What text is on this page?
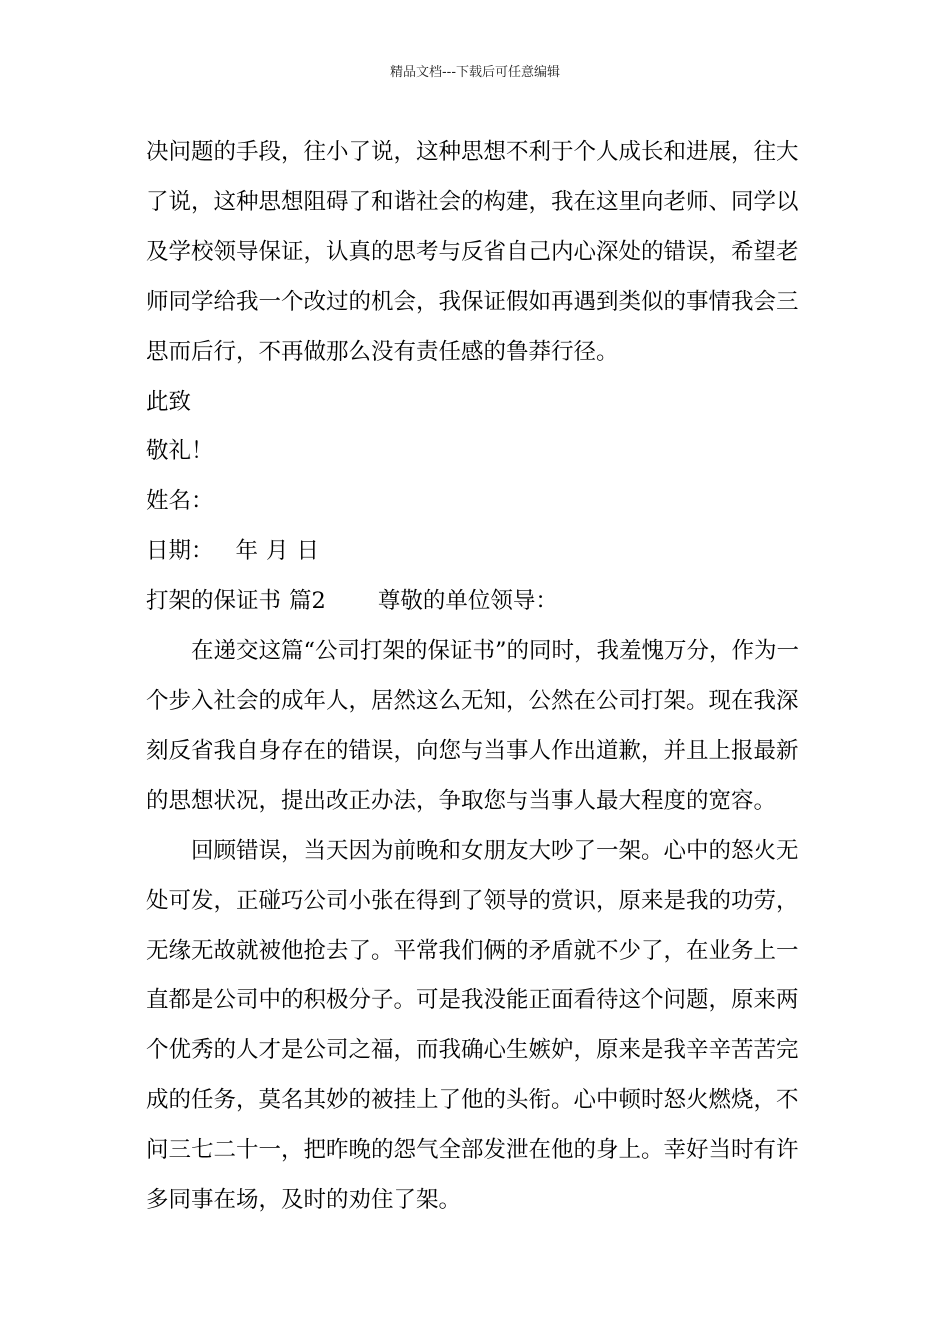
精品文档---下载后可任意编辑

决问题的手段，往小了说，这种思想不利于个人成长和进展，往大了说，这种思想阻碍了和谐社会的构建，我在这里向老师、同学以及学校领导保证，认真的思考与反省自己内心深处的错误，希望老师同学给我一个改过的机会，我保证假如再遇到类似的事情我会三思而后行，不再做那么没有责任感的鲁莽行径。

此致

敬礼！

姓名：

日期： 年 月 日

打架的保证书 篇2 尊敬的单位领导：

在递交这篇“公司打架的保证书”的同时，我羞愧万分，作为一个步入社会的成年人，居然这么无知，公然在公司打架。现在我深刻反省我自身存在的错误，向您与当事人作出道歉，并且上报最新的思想状况，提出改正办法，争取您与当事人最大程度的宽容。

回顾错误，当天因为前晚和女朋友大吵了一架。心中的怒火无处可发，正碰巧公司小张在得到了领导的赏识，原来是我的功劳，无缘无故就被他抢去了。平常我们俩的矛盾就不少了，在业务上一直都是公司中的积极分子。可是我没能正面看待这个问题，原来两个优秀的人才是公司之福，而我确心生嫉妒，原来是我辛辛苦苦完成的任务，莫名其妙的被挂上了他的头衔。心中顿时怒火燃烧，不问三七二十一，把昨晚的怨气全部发泄在他的身上。幸好当时有许多同事在场，及时的劝住了架。
